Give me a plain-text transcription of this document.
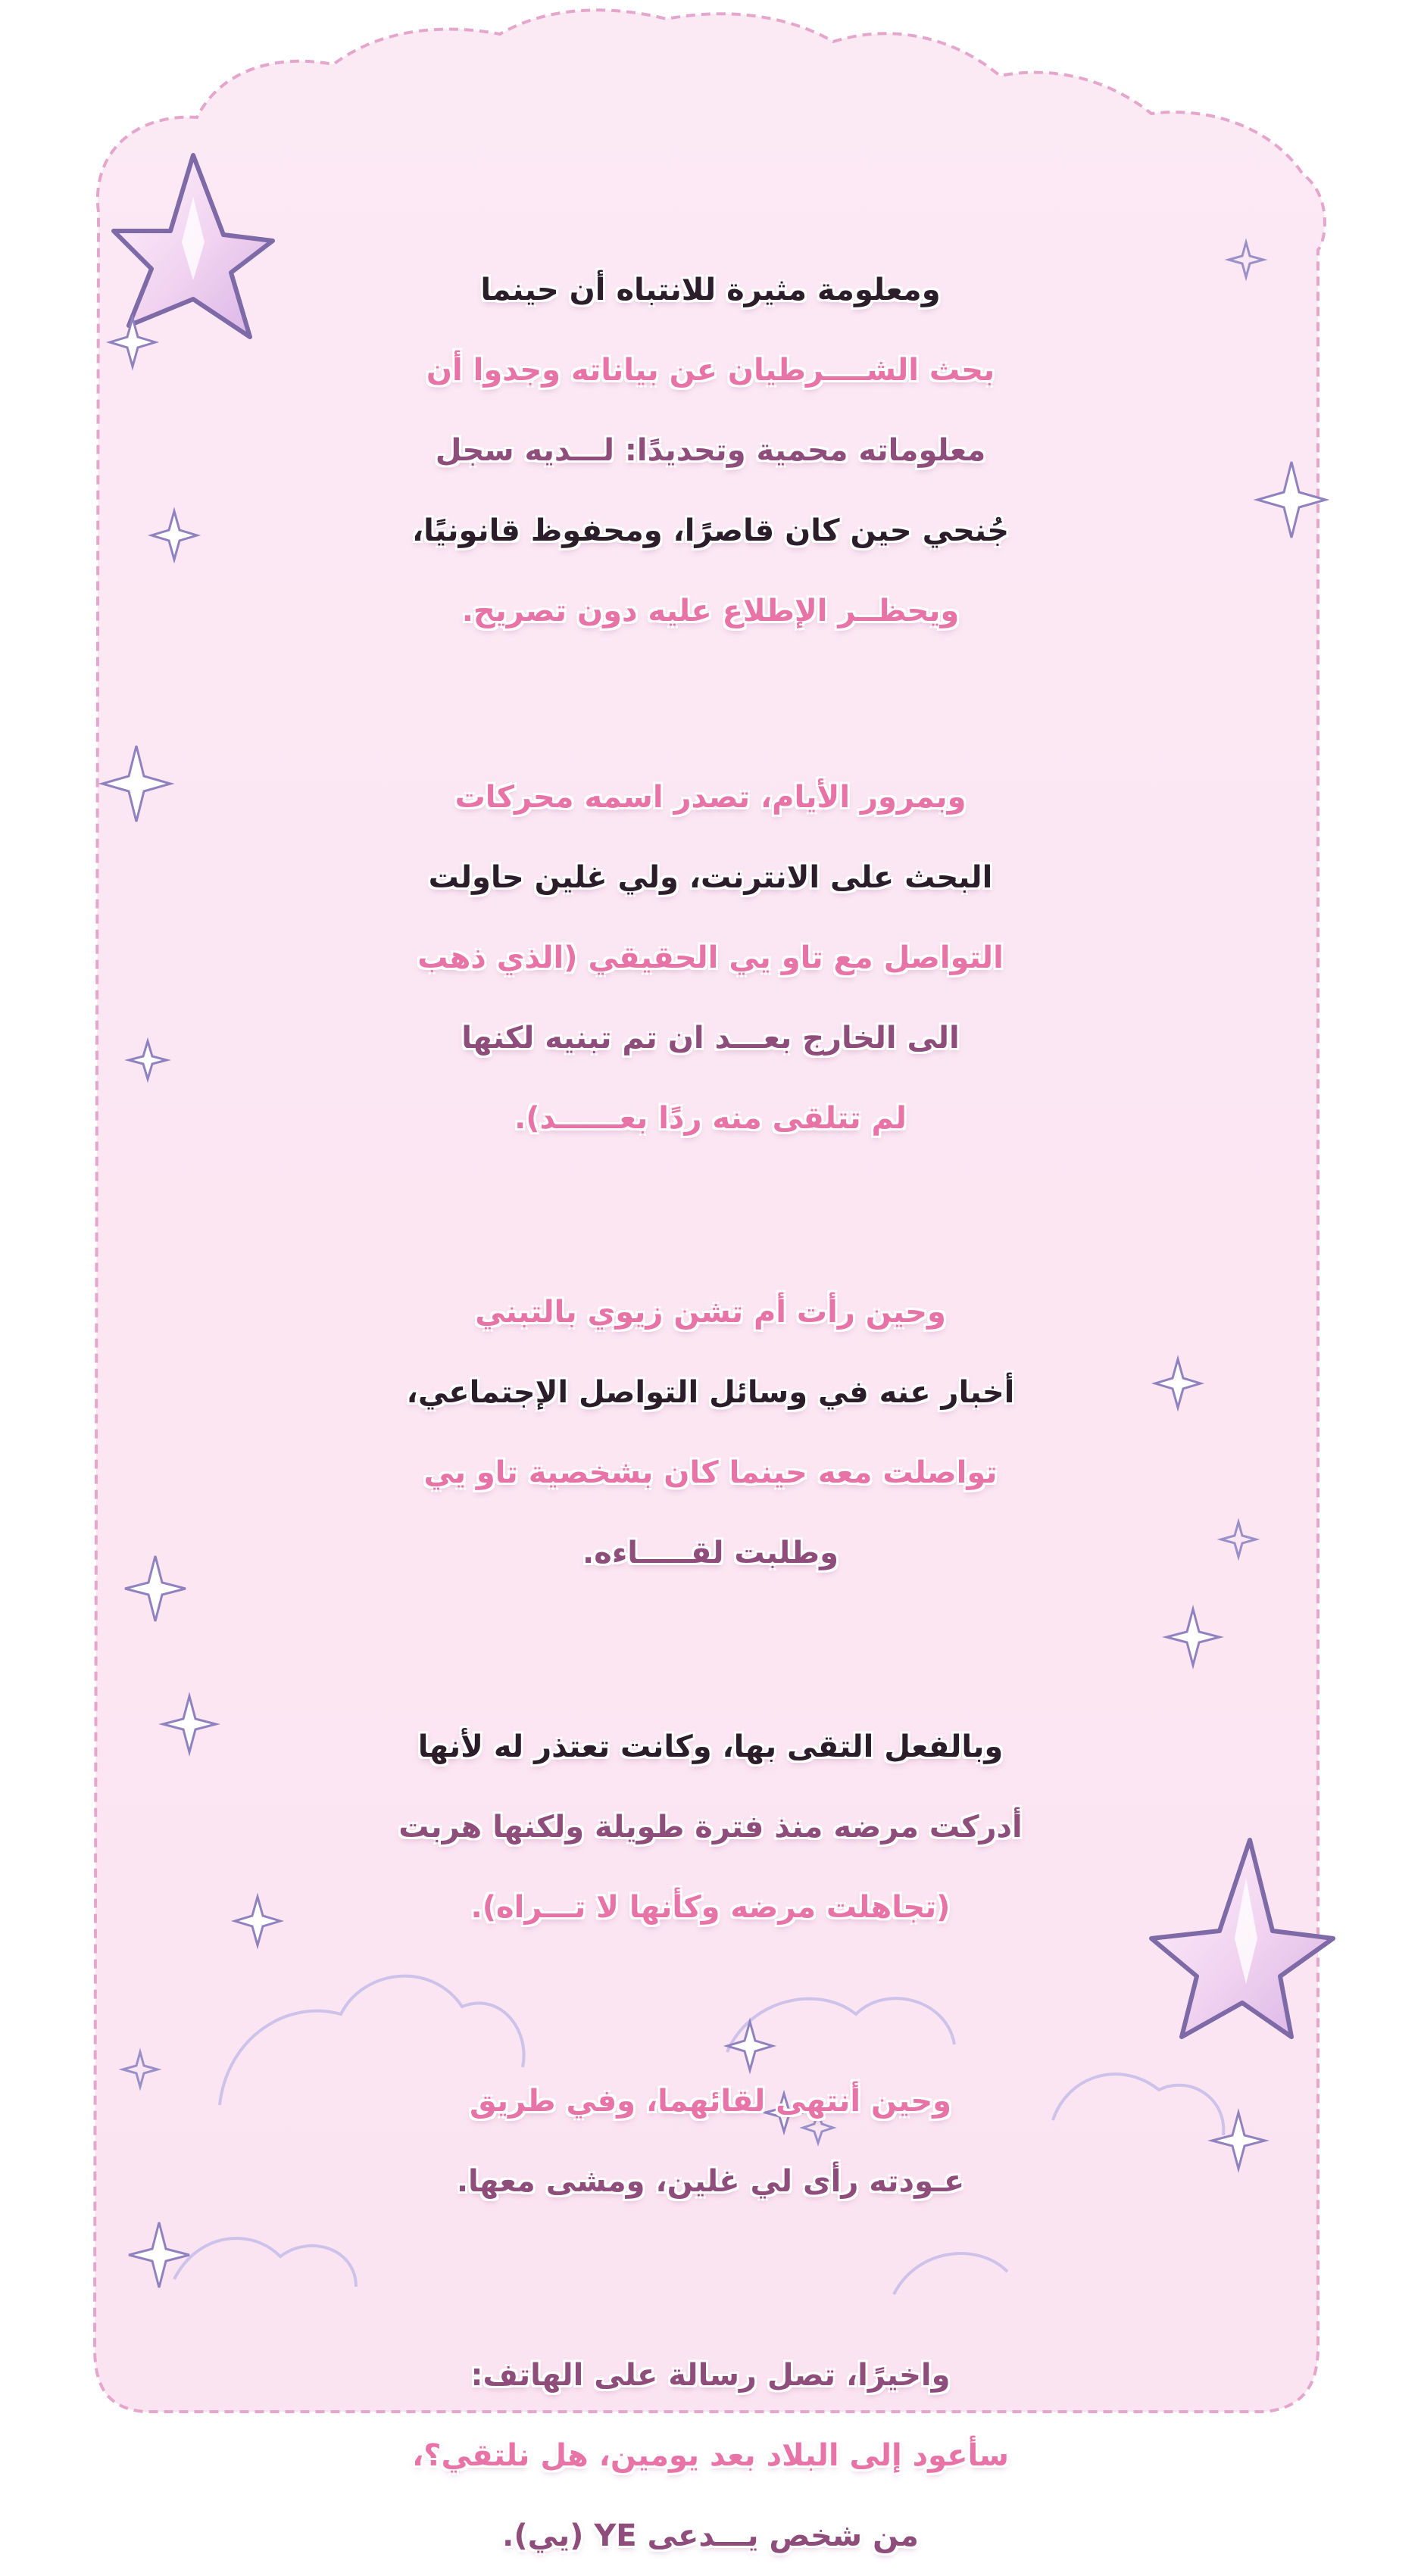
ومعلومة مثيرة للانتباه أن حينما
بحث الشــــرطيان عن بياناته وجدوا أن
معلوماته محمية وتحديدًا: لـــديه سجل
جُنحي حين كان قاصرًا، ومحفوظ قانونيًا،
ويحظــر الإطلاع عليه دون تصريح.
وبمرور الأيام، تصدر اسمه محركات
البحث على الانترنت، ولي غلين حاولت
التواصل مع تاو يي الحقيقي (الذي ذهب
الى الخارج بعـــد ان تم تبنيه لكنها
لم تتلقى منه ردًا بعــــــد).
وحين رأت أم تشن زيوي بالتبني
أخبار عنه في وسائل التواصل الإجتماعي،
تواصلت معه حينما كان بشخصية تاو يي
وطلبت لقـــــاءه.
وبالفعل التقى بها، وكانت تعتذر له لأنها
أدركت مرضه منذ فترة طويلة ولكنها هربت
(تجاهلت مرضه وكأنها لا تـــراه).
وحين أنتهى لقائهما، وفي طريق
عـودته رأى لي غلين، ومشى معها.
واخيرًا، تصل رسالة على الهاتف:
سأعود إلى البلاد بعد يومين، هل نلتقي؟،
من شخص يـــدعى YE (يي).
